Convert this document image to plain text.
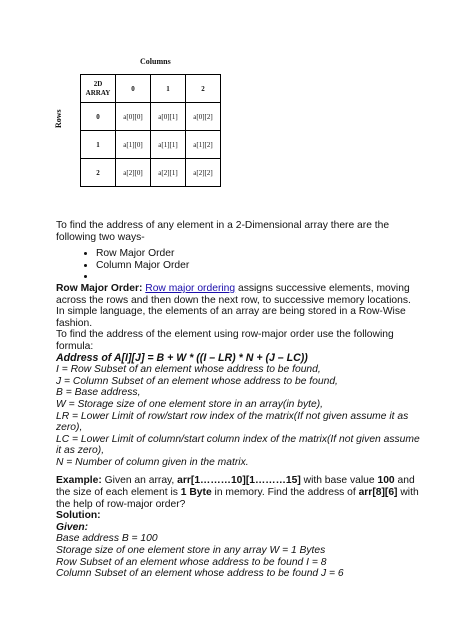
Columns
Rows
2D
ARRAY	0	1	2
0	a[0][0]	a[0][1]	a[0][2]
1	a[1][0]	a[1][1]	a[1][2]
2	a[2][0]	a[2][1]	a[2][2]

To find the address of any element in a 2-Dimensional array there are the following two ways-

• Row Major Order
• Column Major Order
•

Row Major Order: Row major ordering assigns successive elements, moving across the rows and then down the next row, to successive memory locations. In simple language, the elements of an array are being stored in a Row-Wise fashion.

To find the address of the element using row-major order use the following formula:

Address of A[I][J] = B + W * ((I – LR) * N + (J – LC))

I = Row Subset of an element whose address to be found,

J = Column Subset of an element whose address to be found,

B = Base address,

W = Storage size of one element store in an array(in byte),

LR = Lower Limit of row/start row index of the matrix(If not given assume it as zero),

LC = Lower Limit of column/start column index of the matrix(If not given assume it as zero),

N = Number of column given in the matrix.

Example: Given an array, arr[1………10][1………15] with base value 100 and the size of each element is 1 Byte in memory. Find the address of arr[8][6] with the help of row-major order?

Solution:

Given:

Base address B = 100

Storage size of one element store in any array W = 1 Bytes

Row Subset of an element whose address to be found I = 8

Column Subset of an element whose address to be found J = 6
